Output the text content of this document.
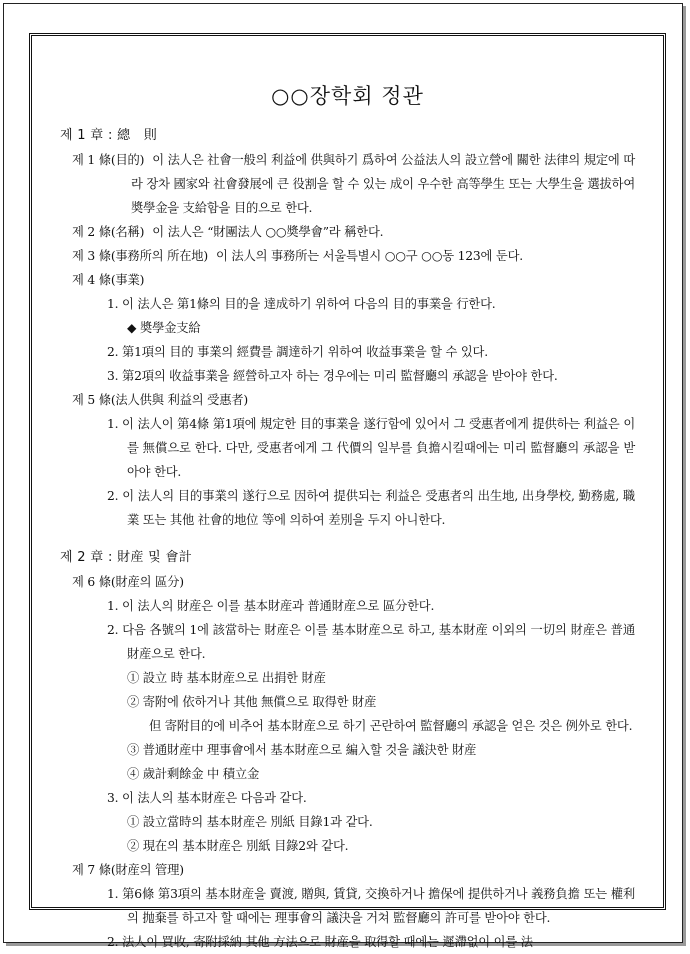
○○장학회 정관
제 1 章 : 總　則
제 1 條(目的) 이 法人은 社會一般의 利益에 供與하기 爲하여 公益法人의 設立營에 關한 法律의 規定에 따라 장차 國家와 社會發展에 큰 役割을 할 수 있는 成이 우수한 高等學生 또는 大學生을 選拔하여 奬學金을 支給함을 目的으로 한다.
제 2 條(名稱) 이 法人은 “財團法人 ○○奬學會”라 稱한다.
제 3 條(事務所의 所在地) 이 法人의 事務所는 서울특별시 ○○구 ○○동 123에 둔다.
제 4 條(事業)
1. 이 法人은 第1條의 目的을 達成하기 위하여 다음의 目的事業을 行한다.
◆ 奬學金支給
2. 第1項의 目的 事業의 經費를 調達하기 위하여 收益事業을 할 수 있다.
3. 第2項의 收益事業을 經營하고자 하는 경우에는 미리 監督廳의 承認을 받아야 한다.
제 5 條(法人供與 利益의 受惠者)
1. 이 法人이 第4條 第1項에 規定한 目的事業을 遂行함에 있어서 그 受惠者에게 提供하는 利益은 이를 無償으로 한다. 다만, 受惠者에게 그 代價의 일부를 負擔시킬때에는 미리 監督廳의 承認을 받아야 한다.
2. 이 法人의 目的事業의 遂行으로 因하여 提供되는 利益은 受惠者의 出生地, 出身學校, 勤務處, 職業 또는 其他 社會的地位 等에 의하여 差別을 두지 아니한다.
제 2 章 : 財産 및 會計
제 6 條(財産의 區分)
1. 이 法人의 財産은 이를 基本財産과 普通財産으로 區分한다.
2. 다음 各號의 1에 該當하는 財産은 이를 基本財産으로 하고, 基本財産 이외의 一切의 財産은 普通財産으로 한다.
① 設立 時 基本財産으로 出捐한 財産
② 寄附에 依하거나 其他 無償으로 取得한 財産
但 寄附目的에 비추어 基本財産으로 하기 곤란하여 監督廳의 承認을 얻은 것은 例外로 한다.
③ 普通財産中 理事會에서 基本財産으로 編入할 것을 議決한 財産
④ 歲計剩餘金 中 積立金
3. 이 法人의 基本財産은 다음과 같다.
① 設立當時의 基本財産은 別紙 目錄1과 같다.
② 現在의 基本財産은 別紙 目錄2와 같다.
제 7 條(財産의 管理)
1. 第6條 第3項의 基本財産을 賣渡, 贈與, 賃貸, 交換하거나 擔保에 提供하거나 義務負擔 또는 權利의 抛棄를 하고자 할 때에는 理事會의 議決을 거쳐 監督廳의 許可를 받아야 한다.
2. 法人이 買收, 寄附採納 其他 方法으로 財産을 取得할 때에는 遲滯없이 이를 法
